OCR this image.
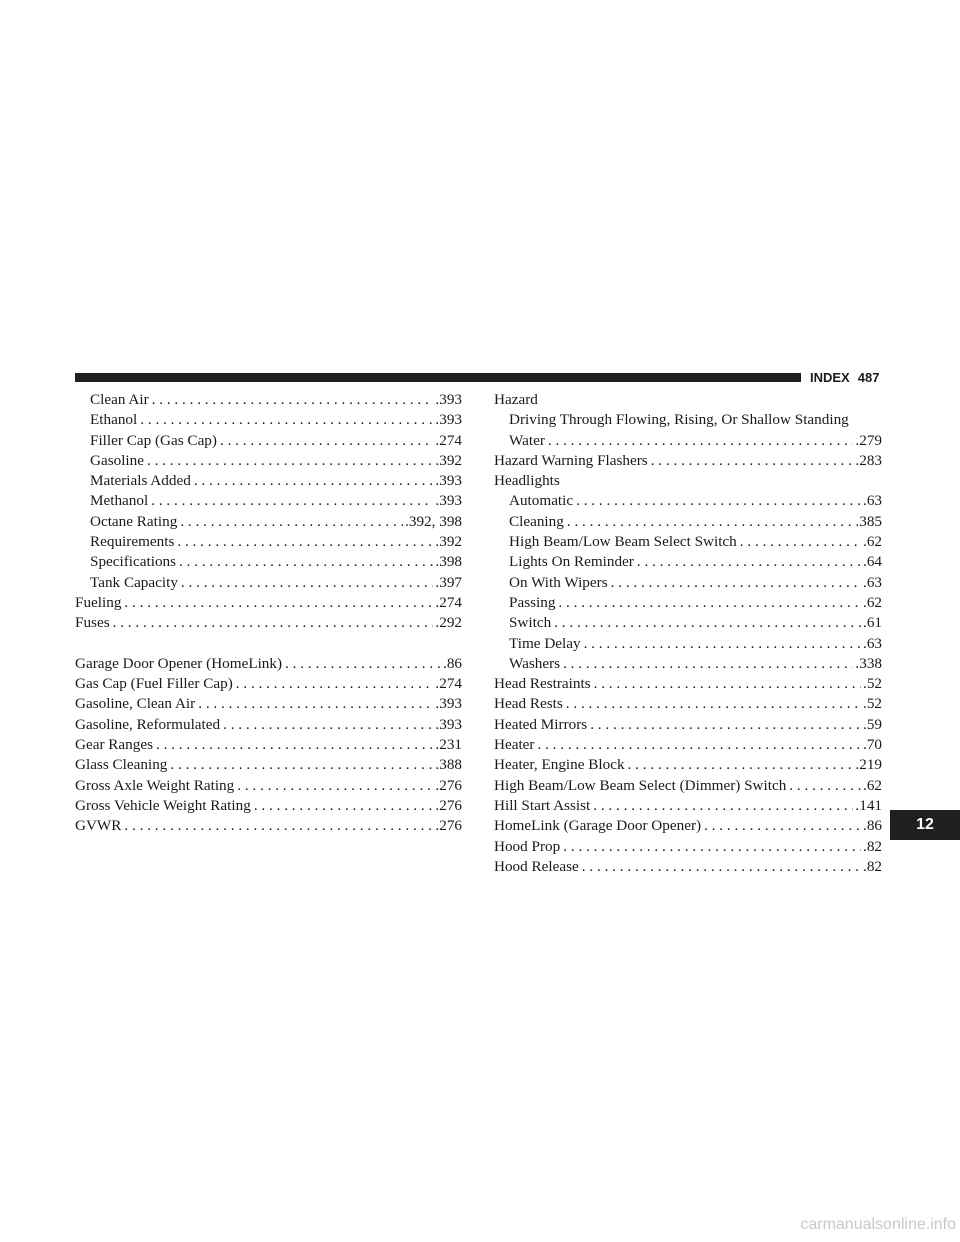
INDEX 487
Clean Air . . .	.393
Ethanol . . .	.393
Filler Cap (Gas Cap) . . .	.274
Gasoline . . .	.392
Materials Added . . .	.393
Methanol . . .	.393
Octane Rating . . .	.392, 398
Requirements . . .	.392
Specifications . . .	.398
Tank Capacity . . .	.397
Fueling . . .	.274
Fuses . . .	.292
Garage Door Opener (HomeLink) . . .	.86
Gas Cap (Fuel Filler Cap) . . .	.274
Gasoline, Clean Air . . .	.393
Gasoline, Reformulated . . .	.393
Gear Ranges . . .	.231
Glass Cleaning . . .	.388
Gross Axle Weight Rating . . .	.276
Gross Vehicle Weight Rating . . .	.276
GVWR . . .	.276
Hazard
Driving Through Flowing, Rising, Or Shallow Standing
Water . . .	.279
Hazard Warning Flashers . . .	.283
Headlights
Automatic . . .	.63
Cleaning . . .	.385
High Beam/Low Beam Select Switch . . .	.62
Lights On Reminder . . .	.64
On With Wipers . . .	.63
Passing . . .	.62
Switch . . .	.61
Time Delay . . .	.63
Washers . . .	.338
Head Restraints . . .	.52
Head Rests . . .	.52
Heated Mirrors . . .	.59
Heater . . .	.70
Heater, Engine Block . . .	.219
High Beam/Low Beam Select (Dimmer) Switch . . .	.62
Hill Start Assist . . .	.141
HomeLink (Garage Door Opener) . . .	.86
Hood Prop . . .	.82
Hood Release . . .	.82
12
carmanualsonline.info
